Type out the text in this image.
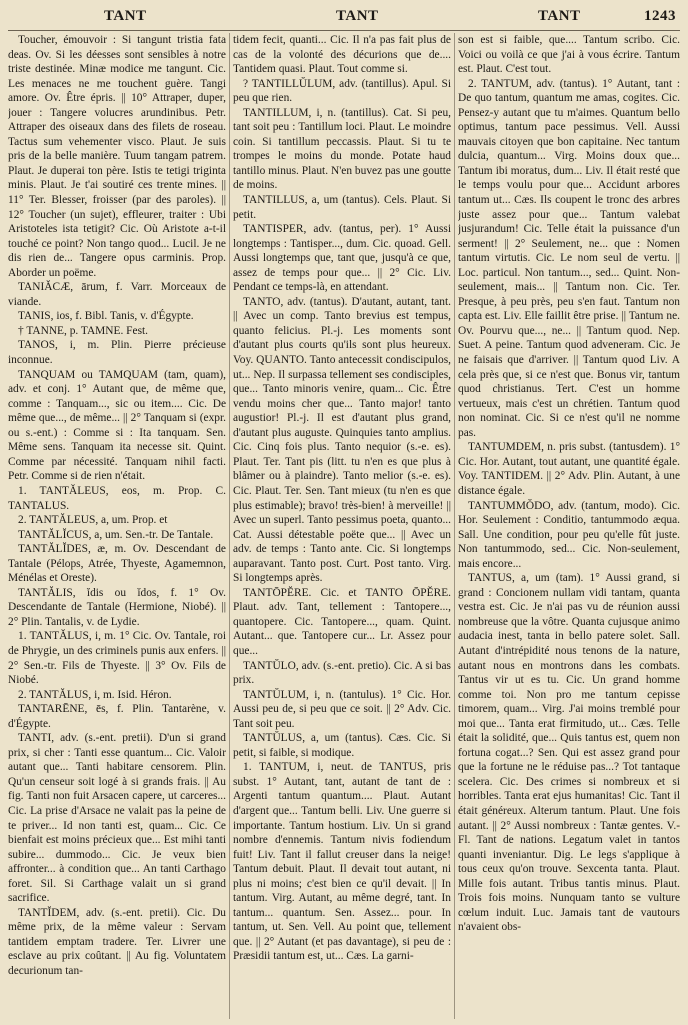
TANT	TANT	TANT	1243

Toucher, émouvoir : Si tangunt tristia fata deas. Ov. Si les déesses sont sensibles à notre triste destinée. Minæ modice me tangunt. Cic. Les menaces ne me touchent guère. Tangi amore. Ov. Être épris. || 10° Attraper, duper, jouer : Tangere volucres arundinibus. Petr. Attraper des oiseaux dans des filets de roseau. Tactus sum vehementer visco. Plaut. Je suis pris de la belle manière. Tuum tangam patrem. Plaut. Je duperai ton père. Istis te tetigi triginta minis. Plaut. Je t'ai soutiré ces trente mines. || 11° Ter. Blesser, froisser (par des paroles). || 12° Toucher (un sujet), effleurer, traiter : Ubi Aristoteles ista tetigit? Cic. Où Aristote a-t-il touché ce point? Non tango quod... Lucil. Je ne dis rien de... Tangere opus carminis. Prop. Aborder un poëme.

TANIĂCÆ, ārum, f. Varr. Morceaux de viande.

TANIS, ios, f. Bibl. Tanis, v. d'Égypte.

† TANNE, p. TAMNE. Fest.

TANOS, i, m. Plin. Pierre précieuse inconnue.

TANQUAM ou TAMQUAM (tam, quam), adv. et conj. 1° Autant que, de même que, comme : Tanquam..., sic ou item.... Cic. De même que..., de même... || 2° Tanquam si (expr. ou s.-ent.) : Comme si : Ita tanquam. Sen. Même sens. Tanquam ita necesse sit. Quint. Comme par nécessité. Tanquam nihil facti. Petr. Comme si de rien n'était.

1. TANTĂLEUS, eos, m. Prop. C. TANTALUS.

2. TANTĂLEUS, a, um. Prop. et

TANTĂLĬCUS, a, um. Sen.-tr. De Tantale.

TANTĂLĬDES, æ, m. Ov. Descendant de Tantale (Pélops, Atrée, Thyeste, Agamemnon, Ménélas et Oreste).

TANTĂLIS, ĭdis ou ĭdos, f. 1° Ov. Descendante de Tantale (Hermione, Niobé). || 2° Plin. Tantalis, v. de Lydie.

1. TANTĂLUS, i, m. 1° Cic. Ov. Tantale, roi de Phrygie, un des criminels punis aux enfers. || 2° Sen.-tr. Fils de Thyeste. || 3° Ov. Fils de Niobé.

2. TANTĂLUS, i, m. Isid. Héron.

TANTARĒNE, ēs, f. Plin. Tantarène, v. d'Égypte.

TANTI, adv. (s.-ent. pretii). D'un si grand prix, si cher : Tanti esse quantum... Cic. Valoir autant que... Tanti habitare censorem. Plin. Qu'un censeur soit logé à si grands frais. || Au fig. Tanti non fuit Arsacen capere, ut carceres... Cic. La prise d'Arsace ne valait pas la peine de te priver... Id non tanti est, quam... Cic. Ce bienfait est moins précieux que... Est mihi tanti subire... dummodo... Cic. Je veux bien affronter... à condition que... An tanti Carthago foret. Sil. Si Carthage valait un si grand sacrifice.

TANTĬDEM, adv. (s.-ent. pretii). Cic. Du même prix, de la même valeur : Servam tantidem emptam tradere. Ter. Livrer une esclave au prix coûtant. || Au fig. Voluntatem decurionum tan-

tidem fecit, quanti... Cic. Il n'a pas fait plus de cas de la volonté des décurions que de.... Tantidem quasi. Plaut. Tout comme si.

? TANTILLŬLUM, adv. (tantillus). Apul. Si peu que rien.

TANTILLUM, i, n. (tantillus). Cat. Si peu, tant soit peu : Tantillum loci. Plaut. Le moindre coin. Si tantillum peccassis. Plaut. Si tu te trompes le moins du monde. Potate haud tantillo minus. Plaut. N'en buvez pas une goutte de moins.

TANTILLUS, a, um (tantus). Cels. Plaut. Si petit.

TANTISPER, adv. (tantus, per). 1° Aussi longtemps : Tantisper..., dum. Cic. quoad. Gell. Aussi longtemps que, tant que, jusqu'à ce que, assez de temps pour que... || 2° Cic. Liv. Pendant ce temps-là, en attendant.

TANTO, adv. (tantus). D'autant, autant, tant. || Avec un comp. Tanto brevius est tempus, quanto felicius. Pl.-j. Les moments sont d'autant plus courts qu'ils sont plus heureux. Voy. QUANTO. Tanto antecessit condiscipulos, ut... Nep. Il surpassa tellement ses condisciples, que... Tanto minoris venire, quam... Cic. Être vendu moins cher que... Tanto major! tanto augustior! Pl.-j. Il est d'autant plus grand, d'autant plus auguste. Quinquies tanto amplius. Cic. Cinq fois plus. Tanto nequior (s.-e. es). Plaut. Ter. Tant pis (litt. tu n'en es que plus à blâmer ou à plaindre). Tanto melior (s.-e. es). Cic. Plaut. Ter. Sen. Tant mieux (tu n'en es que plus estimable); bravo! très-bien! à merveille! || Avec un superl. Tanto pessimus poeta, quanto... Cat. Aussi détestable poëte que... || Avec un adv. de temps : Tanto ante. Cic. Si longtemps auparavant. Tanto post. Curt. Post tanto. Virg. Si longtemps après.

TANTŌPĔRE. Cic. et TANTO ŌPĔRE. Plaut. adv. Tant, tellement : Tantopere..., quantopere. Cic. Tantopere..., quam. Quint. Autant... que. Tantopere cur... Lr. Assez pour que...

TANTŬLO, adv. (s.-ent. pretio). Cic. A si bas prix.

TANTŬLUM, i, n. (tantulus). 1° Cic. Hor. Aussi peu de, si peu que ce soit. || 2° Adv. Cic. Tant soit peu.

TANTŬLUS, a, um (tantus). Cæs. Cic. Si petit, si faible, si modique.

1. TANTUM, i, neut. de TANTUS, pris subst. 1° Autant, tant, autant de tant de : Argenti tantum quantum.... Plaut. Autant d'argent que... Tantum belli. Liv. Une guerre si importante. Tantum hostium. Liv. Un si grand nombre d'ennemis. Tantum nivis fodiendum fuit! Liv. Tant il fallut creuser dans la neige! Tantum debuit. Plaut. Il devait tout autant, ni plus ni moins; c'est bien ce qu'il devait. || In tantum. Virg. Autant, au même degré, tant. In tantum... quantum. Sen. Assez... pour. In tantum, ut. Sen. Vell. Au point que, tellement que. || 2° Autant (et pas davantage), si peu de : Præsidii tantum est, ut... Cæs. La garni-

son est si faible, que.... Tantum scribo. Cic. Voici ou voilà ce que j'ai à vous écrire. Tantum est. Plaut. C'est tout.

2. TANTUM, adv. (tantus). 1° Autant, tant : De quo tantum, quantum me amas, cogites. Cic. Pensez-y autant que tu m'aimes. Quantum bello optimus, tantum pace pessimus. Vell. Aussi mauvais citoyen que bon capitaine. Nec tantum dulcia, quantum... Virg. Moins doux que... Tantum ibi moratus, dum... Liv. Il était resté que le temps voulu pour que... Accidunt arbores tantum ut... Cæs. Ils coupent le tronc des arbres juste assez pour que... Tantum valebat jusjurandum! Cic. Telle était la puissance d'un serment! || 2° Seulement, ne... que : Nomen tantum virtutis. Cic. Le nom seul de vertu. || Loc. particul. Non tantum..., sed... Quint. Non-seulement, mais... || Tantum non. Cic. Ter. Presque, à peu près, peu s'en faut. Tantum non capta est. Liv. Elle faillit être prise. || Tantum ne. Ov. Pourvu que..., ne... || Tantum quod. Nep. Suet. A peine. Tantum quod adveneram. Cic. Je ne faisais que d'arriver. || Tantum quod Liv. A cela près que, si ce n'est que. Bonus vir, tantum quod christianus. Tert. C'est un homme vertueux, mais c'est un chrétien. Tantum quod non nominat. Cic. Si ce n'est qu'il ne nomme pas.

TANTUMDEM, n. pris subst. (tantusdem). 1° Cic. Hor. Autant, tout autant, une quantité égale. Voy. TANTIDEM. || 2° Adv. Plin. Autant, à une distance égale.

TANTUMMŎDO, adv. (tantum, modo). Cic. Hor. Seulement : Conditio, tantummodo æqua. Sall. Une condition, pour peu qu'elle fût juste. Non tantummodo, sed... Cic. Non-seulement, mais encore...

TANTUS, a, um (tam). 1° Aussi grand, si grand : Concionem nullam vidi tantam, quanta vestra est. Cic. Je n'ai pas vu de réunion aussi nombreuse que la vôtre. Quanta cujusque animo audacia inest, tanta in bello patere solet. Sall. Autant d'intrépidité nous tenons de la nature, autant nous en montrons dans les combats. Tantus vir ut es tu. Cic. Un grand homme comme toi. Non pro me tantum cepisse timorem, quam... Virg. J'ai moins tremblé pour moi que... Tanta erat firmitudo, ut... Cæs. Telle était la solidité, que... Quis tantus est, quem non fortuna cogat...? Sen. Qui est assez grand pour que la fortune ne le réduise pas...? Tot tantaque scelera. Cic. Des crimes si nombreux et si horribles. Tanta erat ejus humanitas! Cic. Tant il était généreux. Alterum tantum. Plaut. Une fois autant. || 2° Aussi nombreux : Tantæ gentes. V.-Fl. Tant de nations. Legatum valet in tantos quanti inveniantur. Dig. Le legs s'applique à tous ceux qu'on trouve. Sexcenta tanta. Plaut. Mille fois autant. Tribus tantis minus. Plaut. Trois fois moins. Nunquam tanto se vulture cœlum induit. Luc. Jamais tant de vautours n'avaient obs-
